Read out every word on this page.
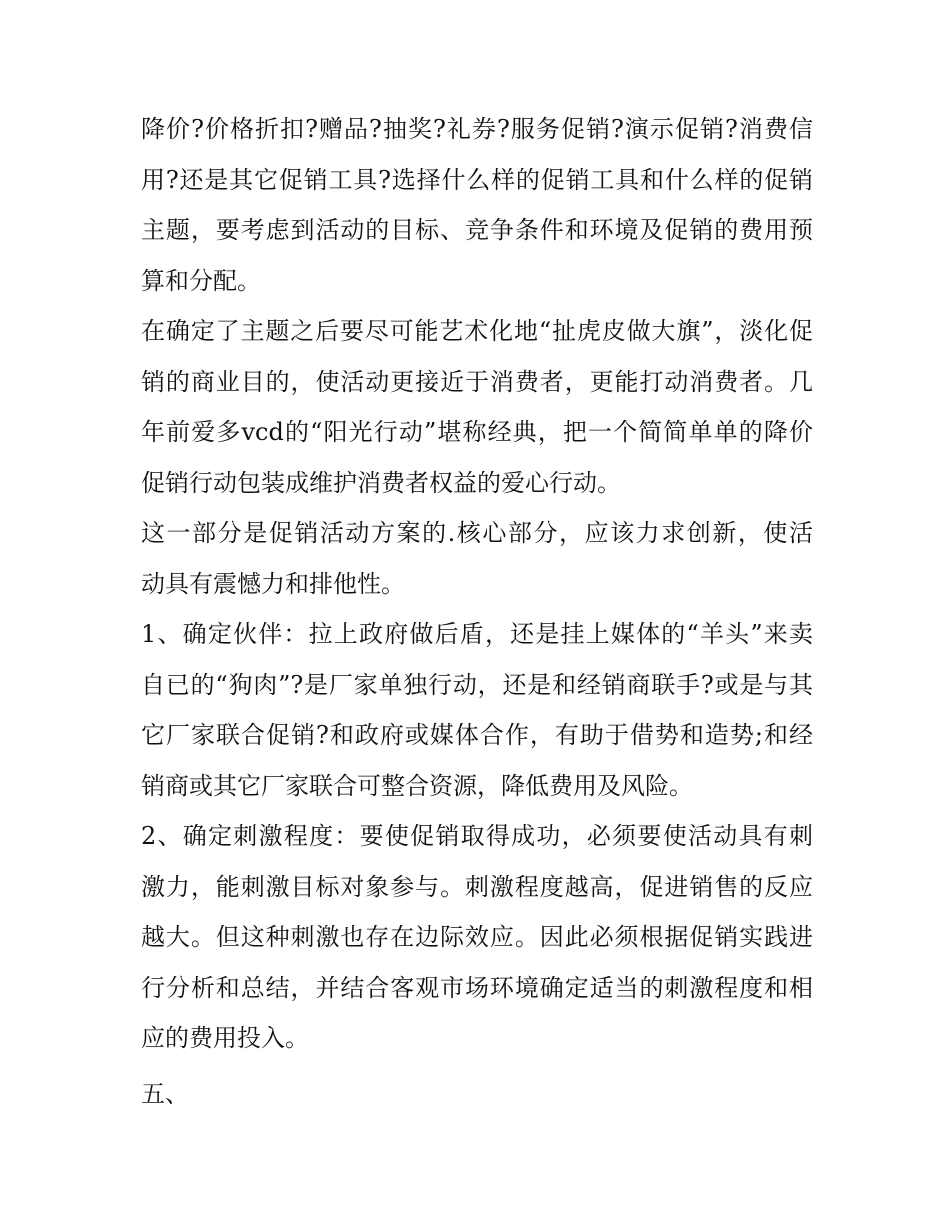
降价?价格折扣?赠品?抽奖?礼券?服务促销?演示促销?消费信
用?还是其它促销工具?选择什么样的促销工具和什么样的促销
主题，要考虑到活动的目标、竞争条件和环境及促销的费用预
算和分配。
在确定了主题之后要尽可能艺术化地“扯虎皮做大旗”，淡化促
销的商业目的，使活动更接近于消费者，更能打动消费者。几
年前爱多vcd的“阳光行动”堪称经典，把一个简简单单的降价
促销行动包装成维护消费者权益的爱心行动。
这一部分是促销活动方案的.核心部分，应该力求创新，使活
动具有震憾力和排他性。
1、确定伙伴：拉上政府做后盾，还是挂上媒体的“羊头”来卖
自已的“狗肉”?是厂家单独行动，还是和经销商联手?或是与其
它厂家联合促销?和政府或媒体合作，有助于借势和造势;和经
销商或其它厂家联合可整合资源，降低费用及风险。
2、确定刺激程度：要使促销取得成功，必须要使活动具有刺
激力，能刺激目标对象参与。刺激程度越高，促进销售的反应
越大。但这种刺激也存在边际效应。因此必须根据促销实践进
行分析和总结，并结合客观市场环境确定适当的刺激程度和相
应的费用投入。
五、
